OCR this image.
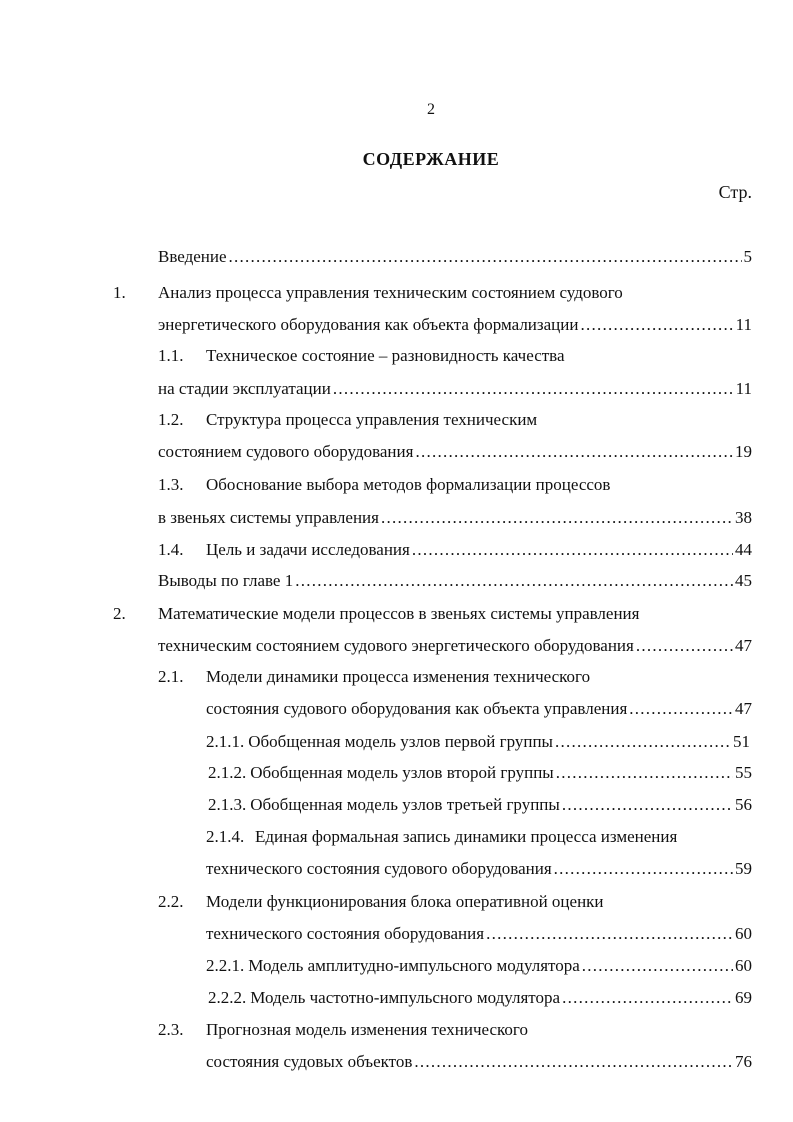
2
СОДЕРЖАНИЕ
Стр.
Введение . . .	5
1. Анализ процесса управления техническим состоянием судового
энергетического оборудования как объекта формализации . . .	11
1.1. Техническое состояние – разновидность качества
на стадии эксплуатации . . .	11
1.2. Структура процесса управления техническим
состоянием судового оборудования . . .	19
1.3. Обоснование выбора методов формализации процессов
в звеньях системы управления . . .	38
1.4. Цель и задачи исследования . . .	44
Выводы по главе 1 . . .	45
2. Математические модели процессов в звеньях системы управления
техническим состоянием судового энергетического оборудования . . .	47
2.1. Модели динамики процесса изменения технического
состояния судового оборудования как объекта управления . . .	47
2.1.1. Обобщенная модель узлов первой группы . . .	51
2.1.2. Обобщенная модель узлов второй группы . . .	55
2.1.3. Обобщенная модель узлов третьей группы . . .	56
2.1.4. Единая формальная запись динамики процесса изменения
технического состояния судового оборудования . . .	59
2.2. Модели функционирования блока оперативной оценки
технического состояния оборудования . . .	60
2.2.1. Модель амплитудно-импульсного модулятора . . .	60
2.2.2. Модель частотно-импульсного модулятора . . .	69
2.3. Прогнозная модель изменения технического
состояния судовых объектов . . .	76
